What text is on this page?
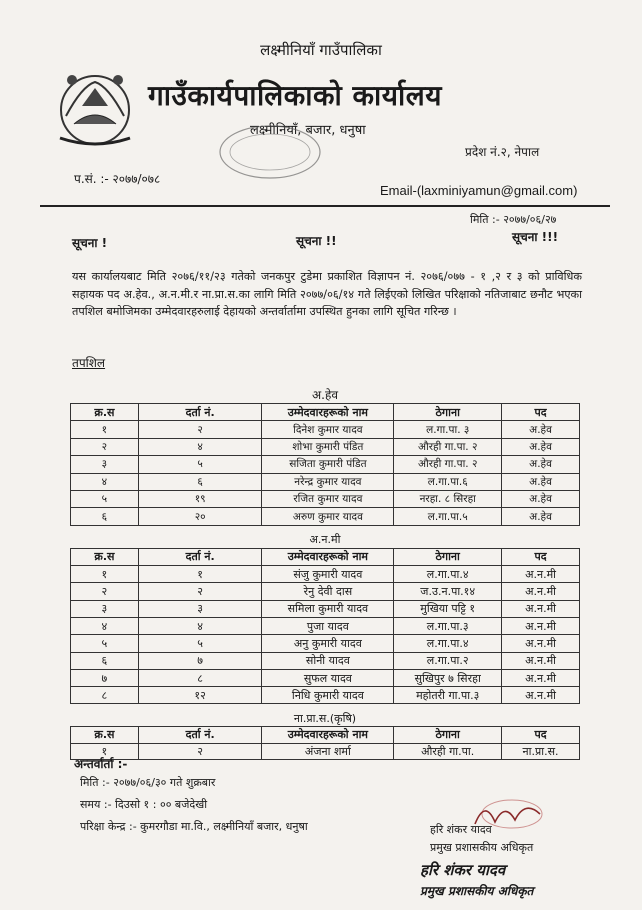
लक्ष्मीनियाँ गाउँपालिका
गाउँकार्यपालिकाको कार्यालय
लक्ष्मीनियाँ, बजार, धनुषा
प्रदेश नं.२, नेपाल
प.सं. :- २०७७/०७८
Email-(laxminiyamun@gmail.com)
मिति :- २०७७/०६/२७
सूचना !	सूचना !!	सूचना !!!
यस कार्यालयबाट मिति २०७६/११/२३ गतेको जनकपुर टुडेमा प्रकाशित विज्ञापन नं. २०७६/०७७ - १ ,२ र ३ को प्राविधिक सहायक पद अ.हेव., अ.न.मी.र ना.प्रा.स.का लागि मिति २०७७/०६/१४ गते लिईएको लिखित परिक्षाको नतिजाबाट छनौट भएका तपशिल बमोजिमका उम्मेदवारहरुलाई देहायको अन्तर्वार्तामा उपस्थित हुनका लागि सूचित गरिन्छ ।
तपशिल
अ.हेव				
क्र.स	दर्ता नं.	उम्मेदवारहरूको नाम	ठेगाना	पद
१	२	दिनेश कुमार यादव	ल.गा.पा. ३	अ.हेव
२	४	शोभा कुमारी पंडित	औरही गा.पा. २	अ.हेव
३	५	सजिता कुमारी पंडित	औरही गा.पा. २	अ.हेव
४	६	नरेन्द्र कुमार यादव	ल.गा.पा.६	अ.हेव
५	१९	रजित कुमार यादव	नरहा. ८ सिरहा	अ.हेव
६	२०	अरुण कुमार यादव	ल.गा.पा.५	अ.हेव
अ.न.मी				
क्र.स	दर्ता नं.	उम्मेदवारहरूको नाम	ठेगाना	पद
१	१	संजु कुमारी यादव	ल.गा.पा.४	अ.न.मी
२	२	रेनु देवी दास	ज.उ.न.पा.१४	अ.न.मी
३	३	समिला कुमारी यादव	मुखिया पट्टि १	अ.न.मी
४	४	पुजा यादव	ल.गा.पा.३	अ.न.मी
५	५	अनु कुमारी यादव	ल.गा.पा.४	अ.न.मी
६	७	सोनी यादव	ल.गा.पा.२	अ.न.मी
७	८	सुफल यादव	सुखिपुर ७ सिरहा	अ.न.मी
८	१२	निधि कुमारी यादव	महोतरी गा.पा.३	अ.न.मी
ना.प्रा.स.(कृषि)				
क्र.स	दर्ता नं.	उम्मेदवारहरूको नाम	ठेगाना	पद
१	२	अंजना शर्मा	औरही गा.पा.	ना.प्रा.स.
अन्तर्वार्ता :-
मिति :- २०७७/०६/३० गते शुक्रबार
समय :- दिउसो १ : ०० बजेदेखी
परिक्षा केन्द्र :- कुमरगौडा मा.वि., लक्ष्मीनियाँ बजार, धनुषा	हरि शंकर यादव
प्रमुख प्रशासकीय अधिकृत
हरि शंकर यादव
प्रमुख प्रशासकीय अधिकृत
